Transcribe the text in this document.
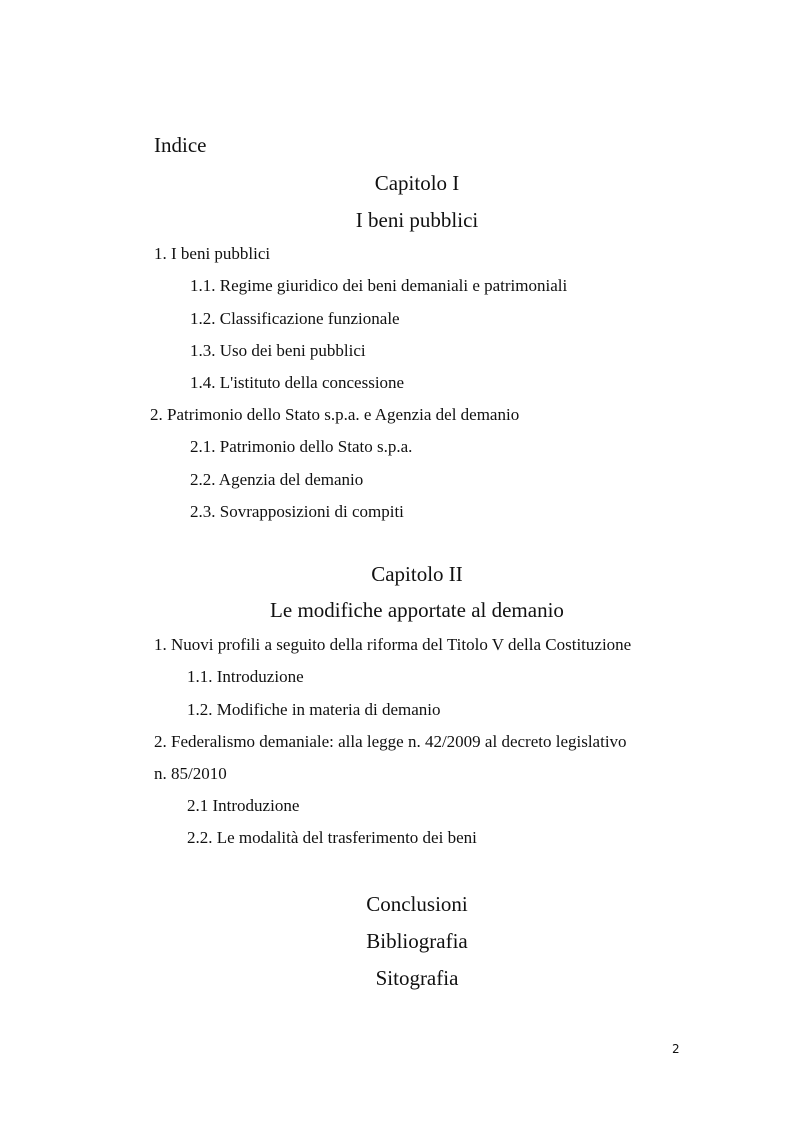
Indice
Capitolo I
I beni pubblici
1. I beni pubblici
1.1. Regime giuridico dei beni demaniali e patrimoniali
1.2. Classificazione funzionale
1.3. Uso dei beni pubblici
1.4. L'istituto della concessione
2. Patrimonio dello Stato s.p.a. e Agenzia del demanio
2.1. Patrimonio dello Stato s.p.a.
2.2. Agenzia del demanio
2.3. Sovrapposizioni di compiti
Capitolo II
Le modifiche apportate al demanio
1. Nuovi profili a seguito della riforma del Titolo V della Costituzione
1.1. Introduzione
1.2. Modifiche in materia di demanio
2. Federalismo demaniale: alla legge n. 42/2009 al decreto legislativo
n. 85/2010
2.1 Introduzione
2.2. Le modalità del trasferimento dei beni
Conclusioni
Bibliografia
Sitografia
2
